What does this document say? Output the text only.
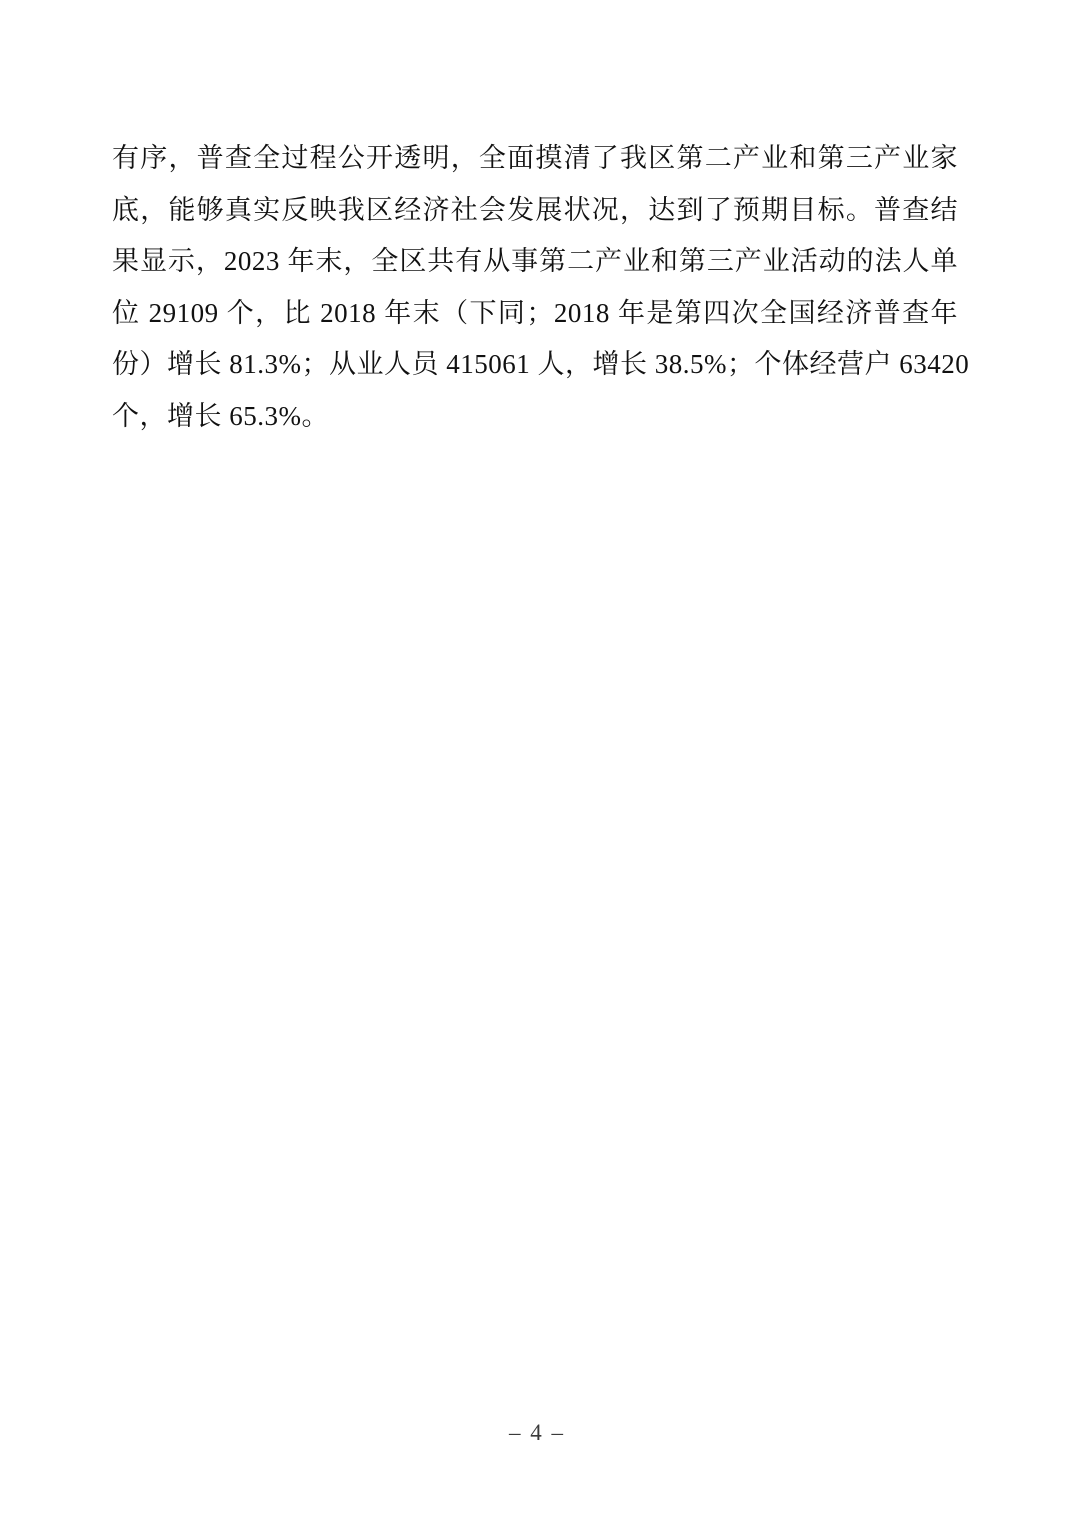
有序，普查全过程公开透明，全面摸清了我区第二产业和第三产业家
底，能够真实反映我区经济社会发展状况，达到了预期目标。普查结
果显示，2023 年末，全区共有从事第二产业和第三产业活动的法人单
位 29109 个，比 2018 年末（下同；2018 年是第四次全国经济普查年
份）增长 81.3%；从业人员 415061 人，增长 38.5%；个体经营户 63420
个，增长 65.3%。
– 4 –
